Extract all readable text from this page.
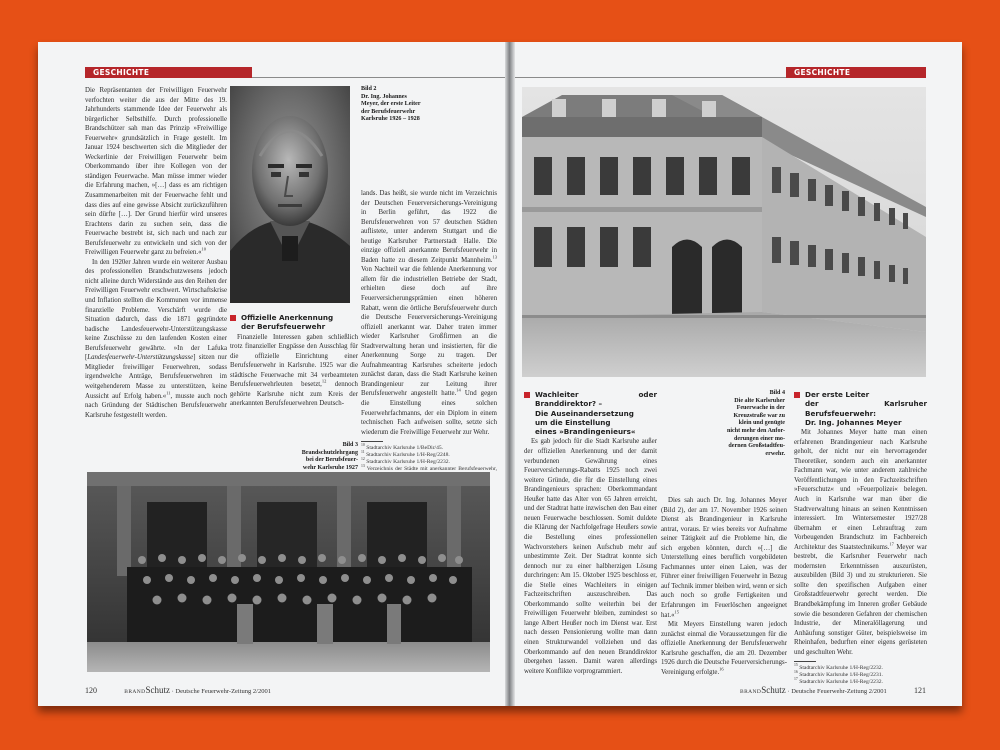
GESCHICHTE

Die Repräsentanten der Freiwilligen Feuerwehr verfochten weiter die aus der Mitte des 19. Jahrhunderts stammende Idee der Feuerwehr als bürgerlicher Selbsthilfe. Durch professionelle Brandschützer sah man das Prinzip »Freiwillige Feuerwehr« grundsätzlich in Frage gestellt. Im Januar 1924 beschwerten sich die Mitglieder der Weckerlinie der Freiwilligen Feuerwehr beim Oberkommando über ihre Kollegen von der ständigen Feuerwache. Man müsse immer wieder die Erfahrung machen, »[…] dass es am richtigen Zusammenarbeiten mit der Feuerwache fehlt und dass dies auf eine gewisse Absicht zurückzuführen sein dürfte […]. Der Grund hierfür wird unseres Erachtens darin zu suchen sein, dass die Feuerwache bestrebt ist, sich nach und nach zur Berufsfeuerwehr zu entwickeln und sich von der Freiwilligen Feuerwehr ganz zu befreien.«$^{10}$

In den 1920er Jahren wurde ein weiterer Ausbau des professionellen Brandschutzwesens jedoch nicht alleine durch Widerstände aus den Reihen der Freiwilligen Feuerwehr erschwert. Wirtschaftskrise und Inflation stellten die Kommunen vor immense finanzielle Probleme. Verschärft wurde die Situation dadurch, dass die 1871 gegründete badische Landesfeuerwehr-Unterstützungskasse keine Zuschüsse zu den laufenden Kosten einer Berufsfeuerwehr gewährte. »In der Lafuka [Landesfeuerwehr-Unterstützungskasse] sitzen nur Mitglieder freiwilliger Feuerwehren, sodass irgendwelche Anträge, Berufsfeuerwehren im weitgehenderem Masse zu unterstützen, keine Aussicht auf Erfolg haben.«$^{11}$, musste auch noch nach Gründung der Städtischen Berufsfeuerwehr Karlsruhe festgestellt werden.

Bild 2
Dr. Ing. Johannes
Meyer, der erste Leiter
der Berufsfeuerwehr
Karlsruhe 1926 – 1928
Offizielle Anerkennung
der Berufsfeuerwehr

Finanzielle Interessen gaben schließlich trotz finanzieller Engpässe den Ausschlag für die offizielle Einrichtung einer Berufsfeuerwehr in Karlsruhe. 1925 war die städtische Feuerwache mit 34 verbeamteten Berufsfeuerwehrleuten besetzt,$^{12}$ dennoch gehörte Karlsruhe nicht zum Kreis der anerkannten Berufsfeuerwehren Deutsch-

Bild 3
Brandschutzlehrgang
bei der Berufsfeuer-
wehr Karlsruhe 1927

lands. Das heißt, sie wurde nicht im Verzeichnis der Deutschen Feuerversicherungs-Vereinigung in Berlin geführt, das 1922 die Berufsfeuerwehren von 57 deutschen Städten auflistete, unter anderem Stuttgart und die heutige Karlsruher Partnerstadt Halle. Die einzige offiziell anerkannte Berufsfeuerwehr in Baden hatte zu diesem Zeitpunkt Mannheim.$^{13}$ Von Nachteil war die fehlende Anerkennung vor allem für die industriellen Betriebe der Stadt, erhielten diese doch auf ihre Feuerversicherungsprämien einen höheren Rabatt, wenn die örtliche Berufsfeuerwehr durch die Deutsche Feuerversicherungs-Vereinigung offiziell anerkannt war. Daher traten immer wieder Karlsruher Großfirmen an die Stadtverwaltung heran und insistierten, für die Anerkennung Sorge zu tragen. Der Aufnahmeantrag Karlsruhes scheiterte jedoch zunächst daran, dass die Stadt Karlsruhe keinen Brandingenieur zur Leitung ihrer Berufsfeuerwehr angestellt hatte.$^{14}$ Und gegen die Einstellung eines solchen Feuerwehrfachmanns, der ein Diplom in einem technischen Fach aufweisen sollte, setzte sich wiederum die Freiwillige Feuerwehr zur Wehr.

$^{10}$ Stadtarchiv Karlsruhe 1/BeDir/45.
$^{11}$ Stadtarchiv Karlsruhe 1/H-Reg/2248.
$^{12}$ Stadtarchiv Karlsruhe 1/H-Reg/2232.
$^{13}$ Verzeichnis der Städte mit anerkannter Berufsfeuerwehr,
120	BRANDSchutz · Deutsche Feuerwehr-Zeitung 2/2001
GESCHICHTE
Wachleiter oder Branddirektor? –
Die Auseinandersetzung
um die Einstellung
eines »Brandingenieurs«

Es gab jedoch für die Stadt Karlsruhe außer der offiziellen Anerkennung und der damit verbundenen Gewährung eines Feuerversicherungs-Rabatts 1925 noch zwei weitere Gründe, die für die Einstellung eines Brandingenieurs sprachen: Oberkommandant Heußer hatte das Alter von 65 Jahren erreicht, und der Stadtrat hatte inzwischen den Bau einer neuen Feuerwache beschlossen. Somit duldete die Klärung der Nachfolgefrage Heußers sowie die Bestellung eines professionellen Wachvorstehers keinen Aufschub mehr auf unbestimmte Zeit. Der Stadtrat konnte sich dennoch nur zu einer halbherzigen Lösung durchringen: Am 15. Oktober 1925 beschloss er, die Stelle eines Wachleiters in einigen Fachzeitschriften auszuschreiben. Das Oberkommando sollte weiterhin bei der Freiwilligen Feuerwehr bleiben, zumindest so lange Albert Heußer noch im Dienst war. Erst nach dessen Pensionierung wollte man dann einen Strukturwandel vollziehen und das Oberkommando auf den neuen Branddirektor übergehen lassen. Damit waren allerdings weitere Konflikte vorprogrammiert.

Bild 4
Die alte Karlsruher
Feuerwache in der
Kreuzstraße war zu
klein und genügte
nicht mehr den Anfor-
derungen einer mo-
dernen Großstadtfeu-
erwehr.

Dies sah auch Dr. Ing. Johannes Meyer (Bild 2), der am 17. November 1926 seinen Dienst als Brandingenieur in Karlsruhe antrat, voraus. Er wies bereits vor Aufnahme seiner Tätigkeit auf die Probleme hin, die sich ergeben könnten, durch »[…] die Unterstellung eines beruflich vorgebildeten Fachmannes unter einen Laien, was der Führer einer freiwilligen Feuerwehr in Bezug auf Technik immer bleiben wird, wenn er sich auch noch so große Fertigkeiten und Erfahrungen im Feuerlöschen angeeignet hat.«$^{15}$

Mit Meyers Einstellung waren jedoch zunächst einmal die Voraussetzungen für die offizielle Anerkennung der Berufsfeuerwehr Karlsruhe geschaffen, die am 20. Dezember 1926 durch die Deutsche Feuerversicherungs-Vereinigung erfolgte.$^{16}$

Der erste Leiter
der Karlsruher Berufsfeuerwehr:
Dr. Ing. Johannes Meyer

Mit Johannes Meyer hatte man einen erfahrenen Brandingenieur nach Karlsruhe geholt, der nicht nur ein hervorragender Theoretiker, sondern auch ein anerkannter Fachmann war, wie unter anderem zahlreiche Veröffentlichungen in den Fachzeitschriften »Feuerschutz« und »Feuerpolizei« belegen. Auch in Karlsruhe war man über die Stadtverwaltung hinaus an seinen Kenntnissen interessiert. Im Wintersemester 1927/28 übernahm er einen Lehrauftrag zum Vorbeugenden Brandschutz im Fachbereich Architektur des Staatstechnikums.$^{17}$ Meyer war bestrebt, die Karlsruher Feuerwehr nach modernsten Erkenntnissen auszurüsten, auszubilden (Bild 3) und zu strukturieren. Sie sollte den spezifischen Aufgaben einer Großstadtfeuerwehr gerecht werden. Die Brandbekämpfung im Inneren großer Gebäude sowie die besonderen Gefahren der chemischen Industrie, der Mineralöllagerung und Anhäufung sonstiger Güter, beispielsweise im Rheinhafen, bedurften einer eigens gerüsteten und geschulten Wehr.

$^{15}$ Stadtarchiv Karlsruhe 1/H-Reg/2232.
$^{16}$ Stadtarchiv Karlsruhe 1/H-Reg/2231.
$^{17}$ Stadtarchiv Karlsruhe 1/H-Reg/2232.
BRANDSchutz · Deutsche Feuerwehr-Zeitung 2/2001	121
